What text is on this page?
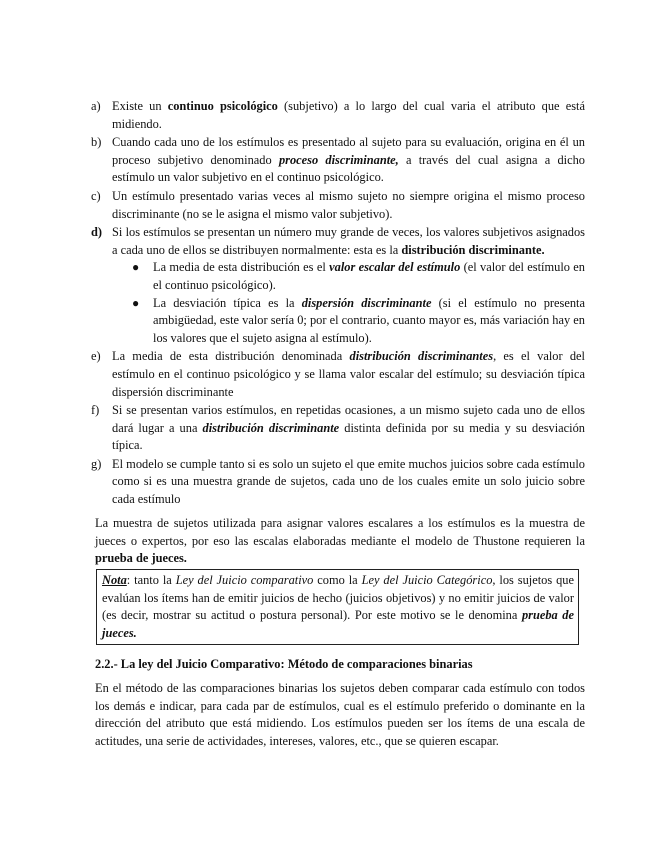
a) Existe un continuo psicológico (subjetivo) a lo largo del cual varia el atributo que está midiendo.
b) Cuando cada uno de los estímulos es presentado al sujeto para su evaluación, origina en él un proceso subjetivo denominado proceso discriminante, a través del cual asigna a dicho estímulo un valor subjetivo en el continuo psicológico.
c) Un estímulo presentado varias veces al mismo sujeto no siempre origina el mismo proceso discriminante (no se le asigna el mismo valor subjetivo).
d) Si los estímulos se presentan un número muy grande de veces, los valores subjetivos asignados a cada uno de ellos se distribuyen normalmente: esta es la distribución discriminante.
● La media de esta distribución es el valor escalar del estímulo (el valor del estímulo en el continuo psicológico).
● La desviación típica es la dispersión discriminante (si el estímulo no presenta ambigüedad, este valor sería 0; por el contrario, cuanto mayor es, más variación hay en los valores que el sujeto asigna al estímulo).
e) La media de esta distribución denominada distribución discriminantes, es el valor del estímulo en el continuo psicológico y se llama valor escalar del estímulo; su desviación típica dispersión discriminante
f) Si se presentan varios estímulos, en repetidas ocasiones, a un mismo sujeto cada uno de ellos dará lugar a una distribución discriminante distinta definida por su media y su desviación típica.
g) El modelo se cumple tanto si es solo un sujeto el que emite muchos juicios sobre cada estímulo como si es una muestra grande de sujetos, cada uno de los cuales emite un solo juicio sobre cada estímulo

La muestra de sujetos utilizada para asignar valores escalares a los estímulos es la muestra de jueces o expertos, por eso las escalas elaboradas mediante el modelo de Thustone requieren la prueba de jueces.

Nota: tanto la Ley del Juicio comparativo como la Ley del Juicio Categórico, los sujetos que evalúan los ítems han de emitir juicios de hecho (juicios objetivos) y no emitir juicios de valor (es decir, mostrar su actitud o postura personal). Por este motivo se le denomina prueba de jueces.

2.2.- La ley del Juicio Comparativo: Método de comparaciones binarias

En el método de las comparaciones binarias los sujetos deben comparar cada estímulo con todos los demás e indicar, para cada par de estímulos, cual es el estímulo preferido o dominante en la dirección del atributo que está midiendo. Los estímulos pueden ser los ítems de una escala de actitudes, una serie de actividades, intereses, valores, etc., que se quieren escapar.
